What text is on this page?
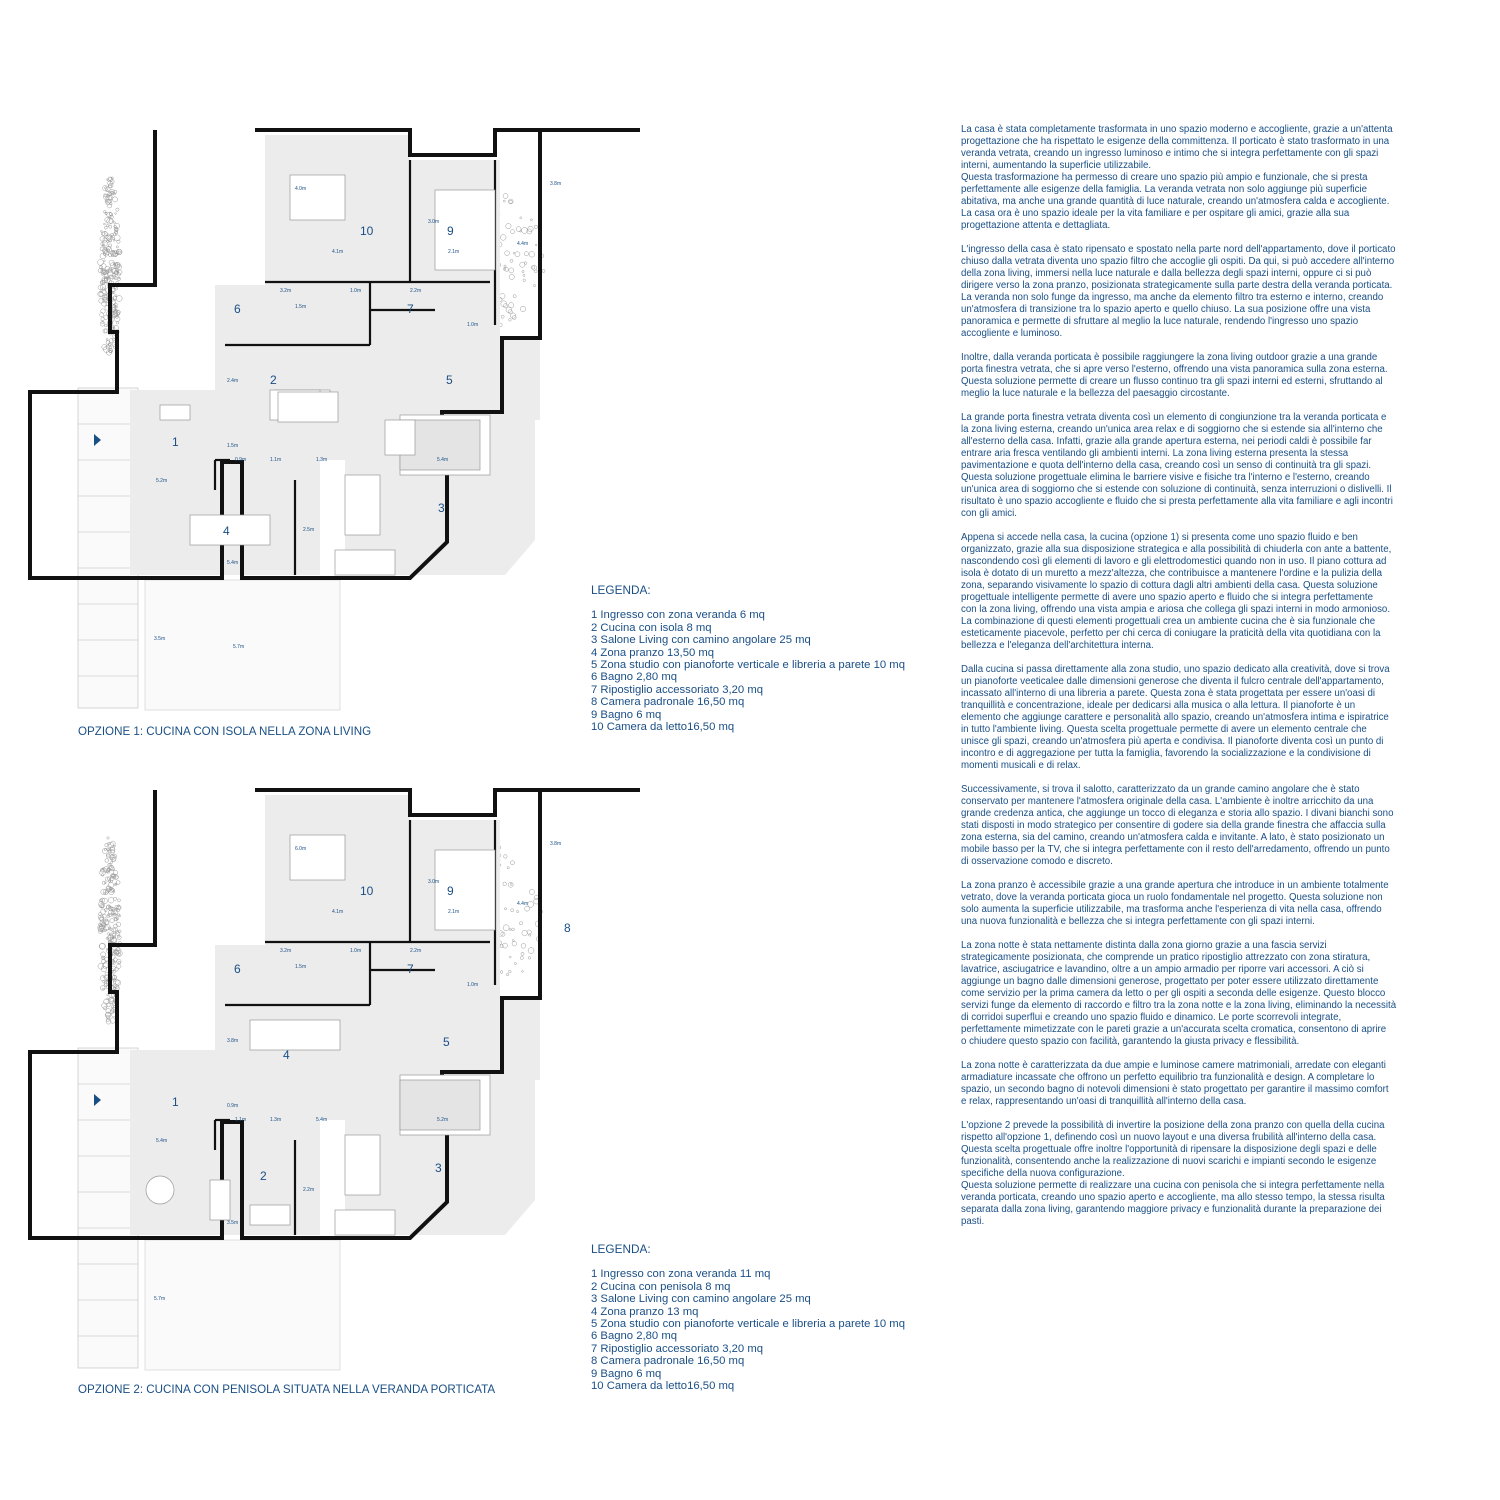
10	9
6	7
2	5
1
3
4
4.0m
4.1m
3.0m
2.1m
3.8m
4.4m
3.2m	1.0m	2.2m
1.5m
1.0m
2.4m
1.5m
0.9m	1.1m	1.3m	5.4m
5.2m
2.5m
5.4m
3.5m
5.7m
LEGENDA:
1 Ingresso con zona veranda 6 mq
2 Cucina con isola 8 mq
3 Salone Living con camino angolare 25 mq
4 Zona pranzo 13,50 mq
5 Zona studio con pianoforte verticale e libreria a parete 10 mq
6 Bagno 2,80 mq
7 Ripostiglio accessoriato 3,20 mq
8 Camera padronale 16,50 mq
9 Bagno 6 mq
10 Camera da letto16,50 mq
OPZIONE 1: CUCINA CON ISOLA NELLA ZONA LIVING
10	9
8
6	7
4
5
1
3
2
6.0m
4.1m
3.0m
2.1m
3.8m
4.4m
3.2m	1.0m	2.2m
1.5m
1.0m
3.8m
0.9m
1.1m	1.3m	5.4m	5.2m
5.4m
2.2m
3.5m
5.7m
LEGENDA:
1 Ingresso con zona veranda 11 mq
2 Cucina con penisola 8 mq
3 Salone Living con camino angolare 25 mq
4 Zona pranzo 13 mq
5 Zona studio con pianoforte verticale e libreria a parete 10 mq
6 Bagno 2,80 mq
7 Ripostiglio accessoriato 3,20 mq
8 Camera padronale 16,50 mq
9 Bagno 6 mq
10 Camera da letto16,50 mq
OPZIONE 2: CUCINA CON PENISOLA SITUATA NELLA VERANDA PORTICATA

La casa è stata completamente trasformata in uno spazio moderno e accogliente, grazie a un'attenta
progettazione che ha rispettato le esigenze della committenza. Il porticato è stato trasformato in una
veranda vetrata, creando un ingresso luminoso e intimo che si integra perfettamente con gli spazi
interni, aumentando la superficie utilizzabile.
Questa trasformazione ha permesso di creare uno spazio più ampio e funzionale, che si presta
perfettamente alle esigenze della famiglia. La veranda vetrata non solo aggiunge più superficie
abitativa, ma anche una grande quantità di luce naturale, creando un'atmosfera calda e accogliente.
La casa ora è uno spazio ideale per la vita familiare e per ospitare gli amici, grazie alla sua
progettazione attenta e dettagliata.

L'ingresso della casa è stato ripensato e spostato nella parte nord dell'appartamento, dove il porticato
chiuso dalla vetrata diventa uno spazio filtro che accoglie gli ospiti. Da qui, si può accedere all'interno
della zona living, immersi nella luce naturale e dalla bellezza degli spazi interni, oppure ci si può
dirigere verso la zona pranzo, posizionata strategicamente sulla parte destra della veranda porticata.
La veranda non solo funge da ingresso, ma anche da elemento filtro tra esterno e interno, creando
un'atmosfera di transizione tra lo spazio aperto e quello chiuso. La sua posizione offre una vista
panoramica e permette di sfruttare al meglio la luce naturale, rendendo l'ingresso uno spazio
accogliente e luminoso.

Inoltre, dalla veranda porticata è possibile raggiungere la zona living outdoor grazie a una grande
porta finestra vetrata, che si apre verso l'esterno, offrendo una vista panoramica sulla zona esterna.
Questa soluzione permette di creare un flusso continuo tra gli spazi interni ed esterni, sfruttando al
meglio la luce naturale e la bellezza del paesaggio circostante.

La grande porta finestra vetrata diventa così un elemento di congiunzione tra la veranda porticata e
la zona living esterna, creando un'unica area relax e di soggiorno che si estende sia all'interno che
all'esterno della casa. Infatti, grazie alla grande apertura esterna, nei periodi caldi è possibile far
entrare aria fresca ventilando gli ambienti interni. La zona living esterna presenta la stessa
pavimentazione e quota dell'interno della casa, creando così un senso di continuità tra gli spazi.
Questa soluzione progettuale elimina le barriere visive e fisiche tra l'interno e l'esterno, creando
un'unica area di soggiorno che si estende con soluzione di continuità, senza interruzioni o dislivelli. Il
risultato è uno spazio accogliente e fluido che si presta perfettamente alla vita familiare e agli incontri
con gli amici.

Appena si accede nella casa, la cucina (opzione 1) si presenta come uno spazio fluido e ben
organizzato, grazie alla sua disposizione strategica e alla possibilità di chiuderla con ante a battente,
nascondendo così gli elementi di lavoro e gli elettrodomestici quando non in uso. Il piano cottura ad
isola è dotato di un muretto a mezz'altezza, che contribuisce a mantenere l'ordine e la pulizia della
zona, separando visivamente lo spazio di cottura dagli altri ambienti della casa. Questa soluzione
progettuale intelligente permette di avere uno spazio aperto e fluido che si integra perfettamente
con la zona living, offrendo una vista ampia e ariosa che collega gli spazi interni in modo armonioso.
La combinazione di questi elementi progettuali crea un ambiente cucina che è sia funzionale che
esteticamente piacevole, perfetto per chi cerca di coniugare la praticità della vita quotidiana con la
bellezza e l'eleganza dell'architettura interna.

Dalla cucina si passa direttamente alla zona studio, uno spazio dedicato alla creatività, dove si trova
un pianoforte veeticalee dalle dimensioni generose che diventa il fulcro centrale dell'appartamento,
incassato all'interno di una libreria a parete. Questa zona è stata progettata per essere un'oasi di
tranquillità e concentrazione, ideale per dedicarsi alla musica o alla lettura. Il pianoforte è un
elemento che aggiunge carattere e personalità allo spazio, creando un'atmosfera intima e ispiratrice
in tutto l'ambiente living. Questa scelta progettuale permette di avere un elemento centrale che
unisce gli spazi, creando un'atmosfera più aperta e condivisa. Il pianoforte diventa così un punto di
incontro e di aggregazione per tutta la famiglia, favorendo la socializzazione e la condivisione di
momenti musicali e di relax.

Successivamente, si trova il salotto, caratterizzato da un grande camino angolare che è stato
conservato per mantenere l'atmosfera originale della casa. L'ambiente è inoltre arricchito da una
grande credenza antica, che aggiunge un tocco di eleganza e storia allo spazio. I divani bianchi sono
stati disposti in modo strategico per consentire di godere sia della grande finestra che affaccia sulla
zona esterna, sia del camino, creando un'atmosfera calda e invitante. A lato, è stato posizionato un
mobile basso per la TV, che si integra perfettamente con il resto dell'arredamento, offrendo un punto
di osservazione comodo e discreto.

La zona pranzo è accessibile grazie a una grande apertura che introduce in un ambiente totalmente
vetrato, dove la veranda porticata gioca un ruolo fondamentale nel progetto. Questa soluzione non
solo aumenta la superficie utilizzabile, ma trasforma anche l'esperienza di vita nella casa, offrendo
una nuova funzionalità e bellezza che si integra perfettamente con gli spazi interni.

La zona notte è stata nettamente distinta dalla zona giorno grazie a una fascia servizi
strategicamente posizionata, che comprende un pratico ripostiglio attrezzato con zona stiratura,
lavatrice, asciugatrice e lavandino, oltre a un ampio armadio per riporre vari accessori. A ciò si
aggiunge un bagno dalle dimensioni generose, progettato per poter essere utilizzato direttamente
come servizio per la prima camera da letto o per gli ospiti a seconda delle esigenze. Questo blocco
servizi funge da elemento di raccordo e filtro tra la zona notte e la zona living, eliminando la necessità
di corridoi superflui e creando uno spazio fluido e dinamico. Le porte scorrevoli integrate,
perfettamente mimetizzate con le pareti grazie a un'accurata scelta cromatica, consentono di aprire
o chiudere questo spazio con facilità, garantendo la giusta privacy e flessibilità.

La zona notte è caratterizzata da due ampie e luminose camere matrimoniali, arredate con eleganti
armadiature incassate che offrono un perfetto equilibrio tra funzionalità e design. A completare lo
spazio, un secondo bagno di notevoli dimensioni è stato progettato per garantire il massimo comfort
e relax, rappresentando un'oasi di tranquillità all'interno della casa.

L'opzione 2 prevede la possibilità di invertire la posizione della zona pranzo con quella della cucina
rispetto all'opzione 1, definendo così un nuovo layout e una diversa frubilità all'interno della casa.
Questa scelta progettuale offre inoltre l'opportunità di ripensare la disposizione degli spazi e delle
funzionalità, consentendo anche la realizzazione di nuovi scarichi e impianti secondo le esigenze
specifiche della nuova configurazione.
Questa soluzione permette di realizzare una cucina con penisola che si integra perfettamente nella
veranda porticata, creando uno spazio aperto e accogliente, ma allo stesso tempo, la stessa risulta
separata dalla zona living, garantendo maggiore privacy e funzionalità durante la preparazione dei
pasti.
